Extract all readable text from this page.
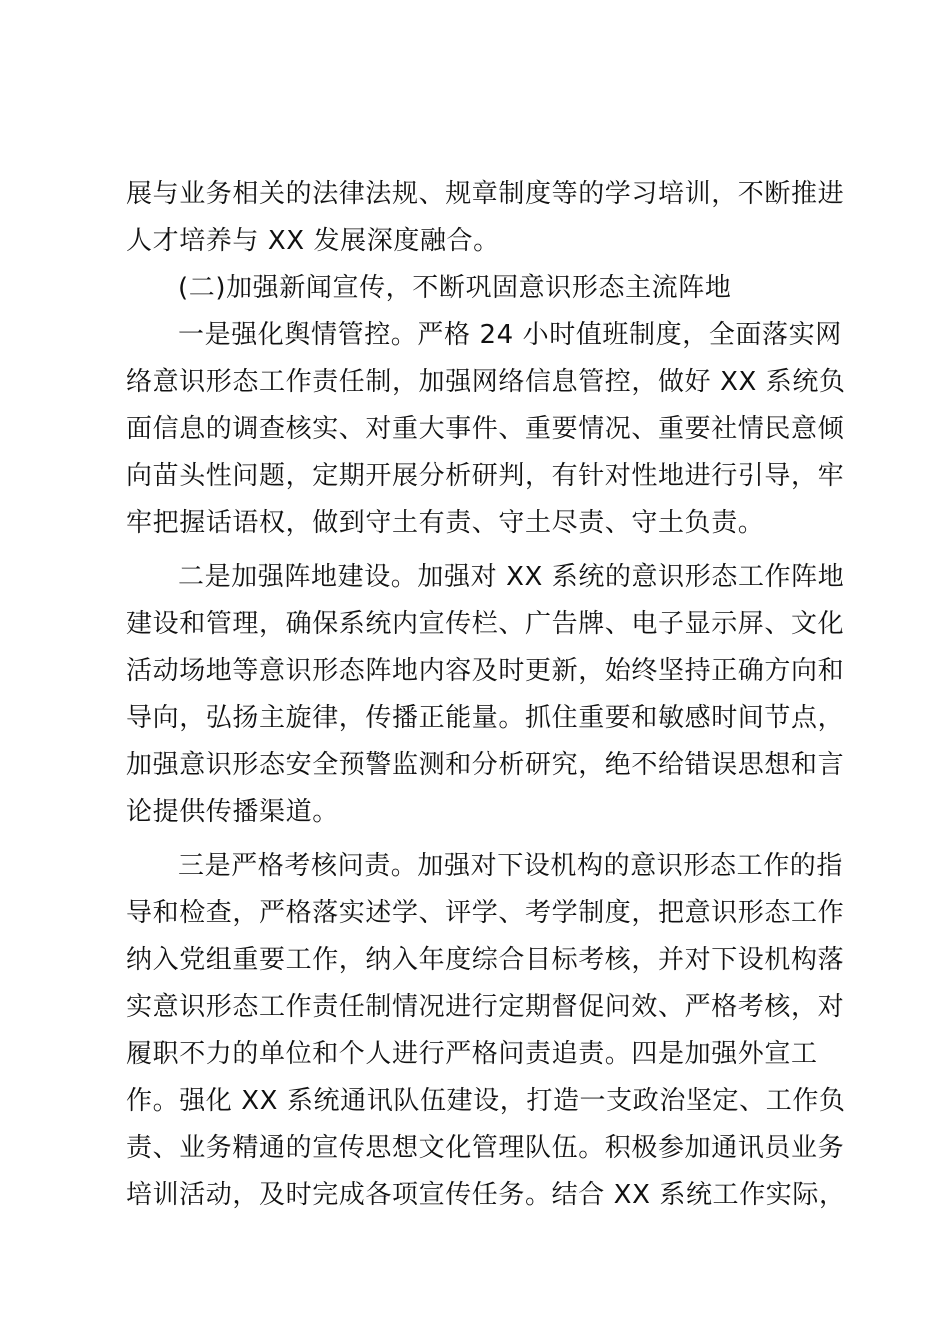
展与业务相关的法律法规、规章制度等的学习培训，不断推进
人才培养与 XX 发展深度融合。
(二)加强新闻宣传，不断巩固意识形态主流阵地
一是强化舆情管控。严格 24 小时值班制度，全面落实网
络意识形态工作责任制，加强网络信息管控，做好 XX 系统负
面信息的调查核实、对重大事件、重要情况、重要社情民意倾
向苗头性问题，定期开展分析研判，有针对性地进行引导，牢
牢把握话语权，做到守土有责、守土尽责、守土负责。
二是加强阵地建设。加强对 XX 系统的意识形态工作阵地
建设和管理，确保系统内宣传栏、广告牌、电子显示屏、文化
活动场地等意识形态阵地内容及时更新，始终坚持正确方向和
导向，弘扬主旋律，传播正能量。抓住重要和敏感时间节点，
加强意识形态安全预警监测和分析研究，绝不给错误思想和言
论提供传播渠道。
三是严格考核问责。加强对下设机构的意识形态工作的指
导和检查，严格落实述学、评学、考学制度，把意识形态工作
纳入党组重要工作，纳入年度综合目标考核，并对下设机构落
实意识形态工作责任制情况进行定期督促问效、严格考核，对
履职不力的单位和个人进行严格问责追责。四是加强外宣工
作。强化 XX 系统通讯队伍建设，打造一支政治坚定、工作负
责、业务精通的宣传思想文化管理队伍。积极参加通讯员业务
培训活动，及时完成各项宣传任务。结合 XX 系统工作实际，
